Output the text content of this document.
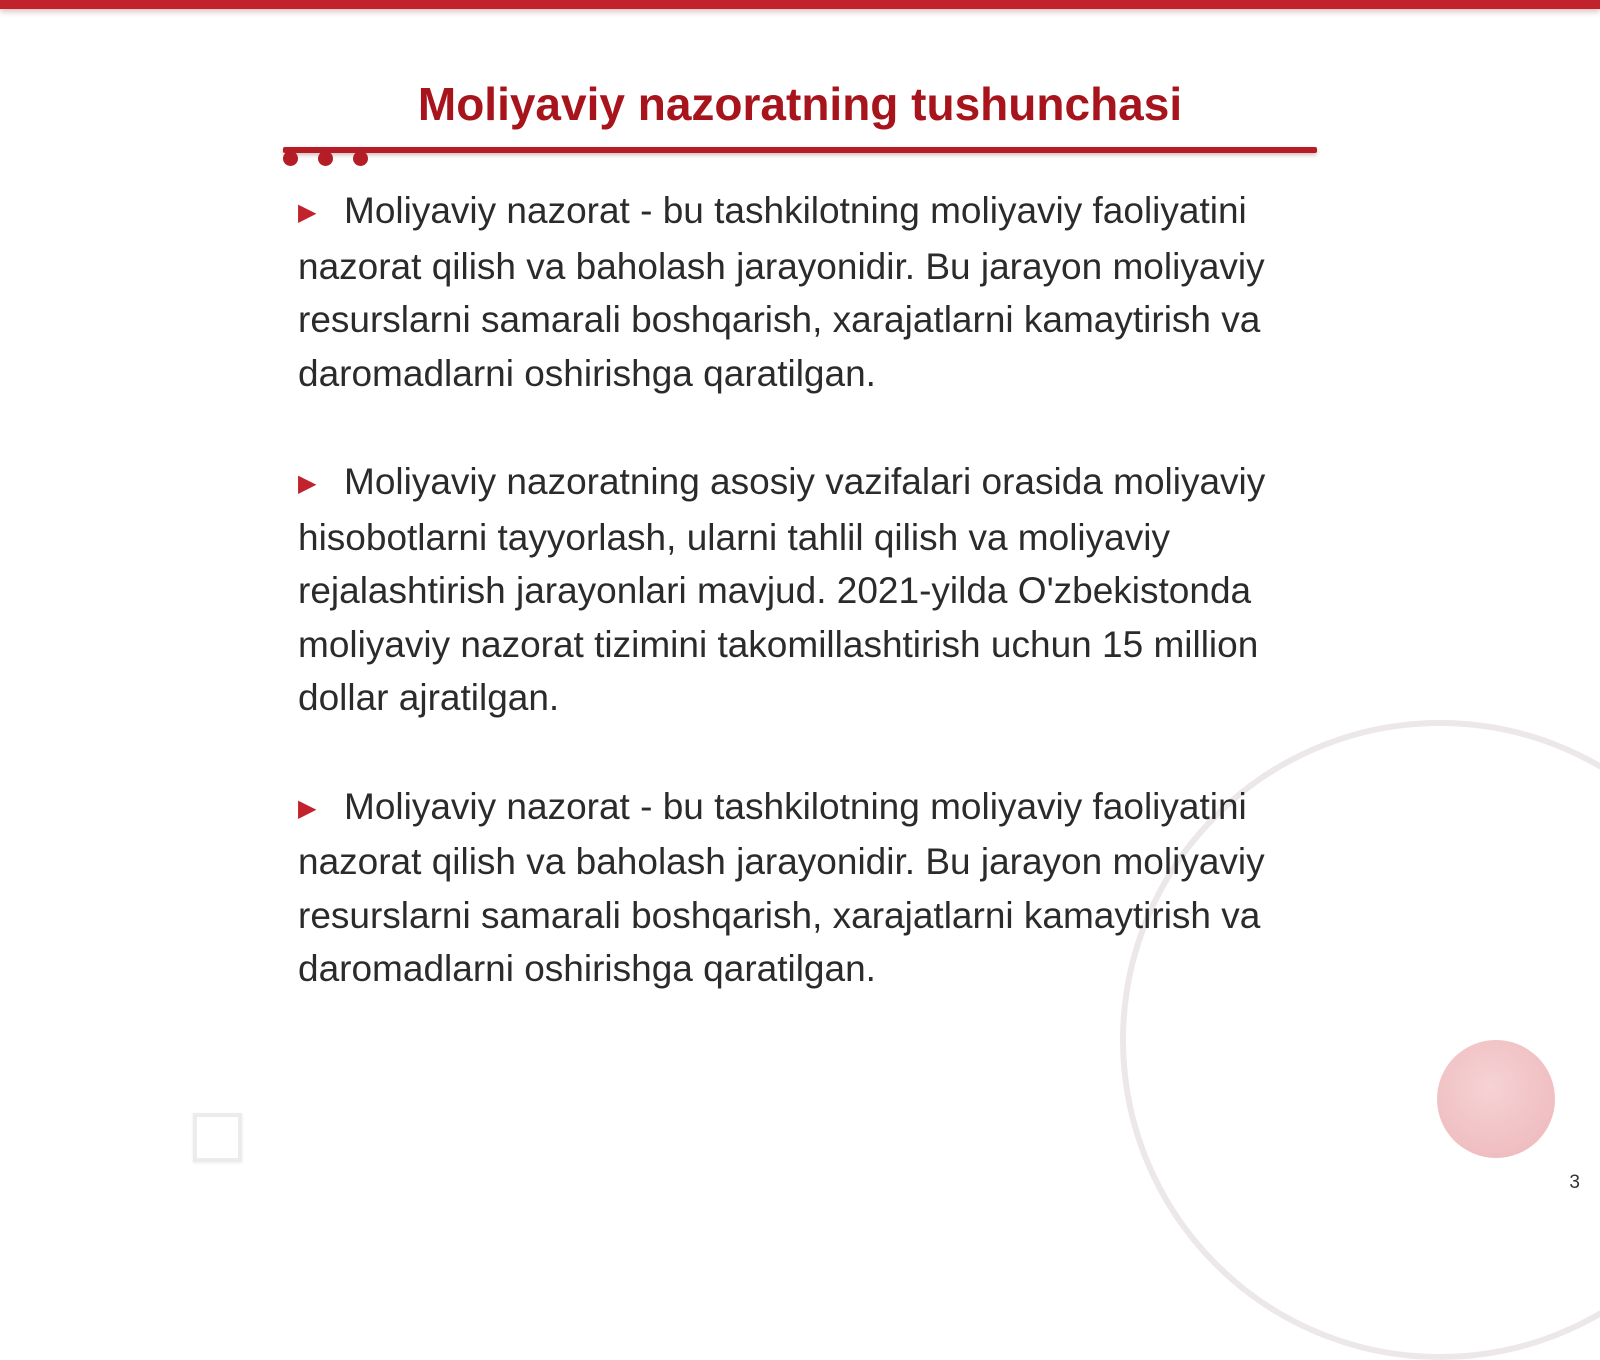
Moliyaviy nazoratning tushunchasi

▶ Moliyaviy nazorat - bu tashkilotning moliyaviy faoliyatini nazorat qilish va baholash jarayonidir. Bu jarayon moliyaviy resurslarni samarali boshqarish, xarajatlarni kamaytirish va daromadlarni oshirishga qaratilgan.

▶ Moliyaviy nazoratning asosiy vazifalari orasida moliyaviy hisobotlarni tayyorlash, ularni tahlil qilish va moliyaviy rejalashtirish jarayonlari mavjud. 2021-yilda O'zbekistonda moliyaviy nazorat tizimini takomillashtirish uchun 15 million dollar ajratilgan.

▶ Moliyaviy nazorat - bu tashkilotning moliyaviy faoliyatini nazorat qilish va baholash jarayonidir. Bu jarayon moliyaviy resurslarni samarali boshqarish, xarajatlarni kamaytirish va daromadlarni oshirishga qaratilgan.

3
